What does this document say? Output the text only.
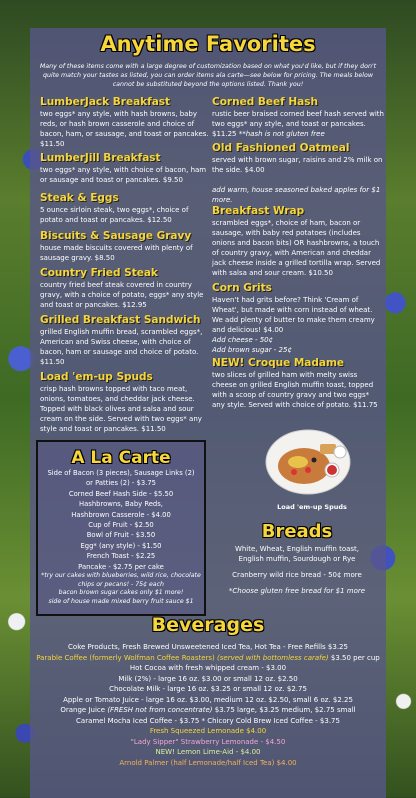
Anytime Favorites
Many of these items come with a large degree of customization based on what you'd like, but if they don't quite match your tastes as listed, you can order items ala carte—see below for pricing. The meals below cannot be substituted beyond the options listed. Thank you!
LumberJack Breakfast
two eggs* any style, with hash browns, baby reds, or hash brown casserole and choice of bacon, ham, or sausage, and toast or pancakes. $11.50
LumberJill Breakfast
two eggs* any style, with choice of bacon, ham or sausage and toast or pancakes. $9.50
Steak & Eggs
5 ounce sirloin steak, two eggs*, choice of potato and toast or pancakes. $12.50
Biscuits & Sausage Gravy
house made biscuits covered with plenty of sausage gravy. $8.50
Country Fried Steak
country fried beef steak covered in country gravy, with a choice of potato, eggs* any style and toast or pancakes. $12.95
Grilled Breakfast Sandwich
grilled English muffin bread, scrambled eggs*, American and Swiss cheese, with choice of bacon, ham or sausage and choice of potato. $11.50
Load 'em-up Spuds
crisp hash browns topped with taco meat, onions, tomatoes, and cheddar jack cheese. Topped with black olives and salsa and sour cream on the side. Served with two eggs* any style and toast or pancakes. $11.50
Corned Beef Hash
rustic beer braised corned beef hash served with two eggs* any style, and toast or pancakes. $11.25 **hash is not gluten free
Old Fashioned Oatmeal
served with brown sugar, raisins and 2% milk on the side. $4.00

add warm, house seasoned baked apples for $1 more.
Breakfast Wrap
scrambled eggs*, choice of ham, bacon or sausage, with baby red potatoes (includes onions and bacon bits) OR hashbrowns, a touch of country gravy, with American and cheddar jack cheese inside a grilled tortilla wrap. Served with salsa and sour cream. $10.50
Corn Grits
Haven't had grits before? Think 'Cream of Wheat', but made with corn instead of wheat. We add plenty of butter to make them creamy and delicious! $4.00
Add cheese - 50¢
Add brown sugar - 25¢
NEW! Croque Madame
two slices of grilled ham with melty swiss cheese on grilled English muffin toast, topped with a scoop of country gravy and two eggs* any style. Served with choice of potato. $11.75
A La Carte
Side of Bacon (3 pieces), Sausage Links (2)
or Patties (2) - $3.75
Corned Beef Hash Side - $5.50
Hashbrowns, Baby Reds,
Hashbrown Casserole - $4.00
Cup of Fruit - $2.50
Bowl of Fruit - $3.50
Egg* (any style) - $1.50
French Toast - $2.25
Pancake - $2.75 per cake
*try our cakes with blueberries, wild rice, chocolate chips or pecans! - 75¢ each
bacon brown sugar cakes only $1 more!
side of house made mixed berry fruit sauce $1
Load 'em-up Spuds
Breads
White, Wheat, English muffin toast,
English muffin, Sourdough or Rye
Cranberry wild rice bread - 50¢ more
*Choose gluten free bread for $1 more
Beverages
Coke Products, Fresh Brewed Unsweetened Iced Tea, Hot Tea - Free Refills $3.25
Parable Coffee (formerly Wolfman Coffee Roasters) (served with bottomless carafe) $3.50 per cup
Hot Cocoa with fresh whipped cream - $3.00
Milk (2%) - large 16 oz. $3.00 or small 12 oz. $2.50
Chocolate Milk - large 16 oz. $3.25 or small 12 oz. $2.75
Apple or Tomato Juice - large 16 oz. $3.00, medium 12 oz. $2.50, small 6 oz. $2.25
Orange Juice (FRESH not from concentrate) $3.75 large, $3.25 medium, $2.75 small
Caramel Mocha Iced Coffee - $3.75 * Chicory Cold Brew Iced Coffee - $3.75
Fresh Squeezed Lemonade $4.00
"Lady Sipper" Strawberry Lemonade - $4.50
NEW! Lemon Lime-Aid - $4.00
Arnold Palmer (half Lemonade/half Iced Tea) $4.00
